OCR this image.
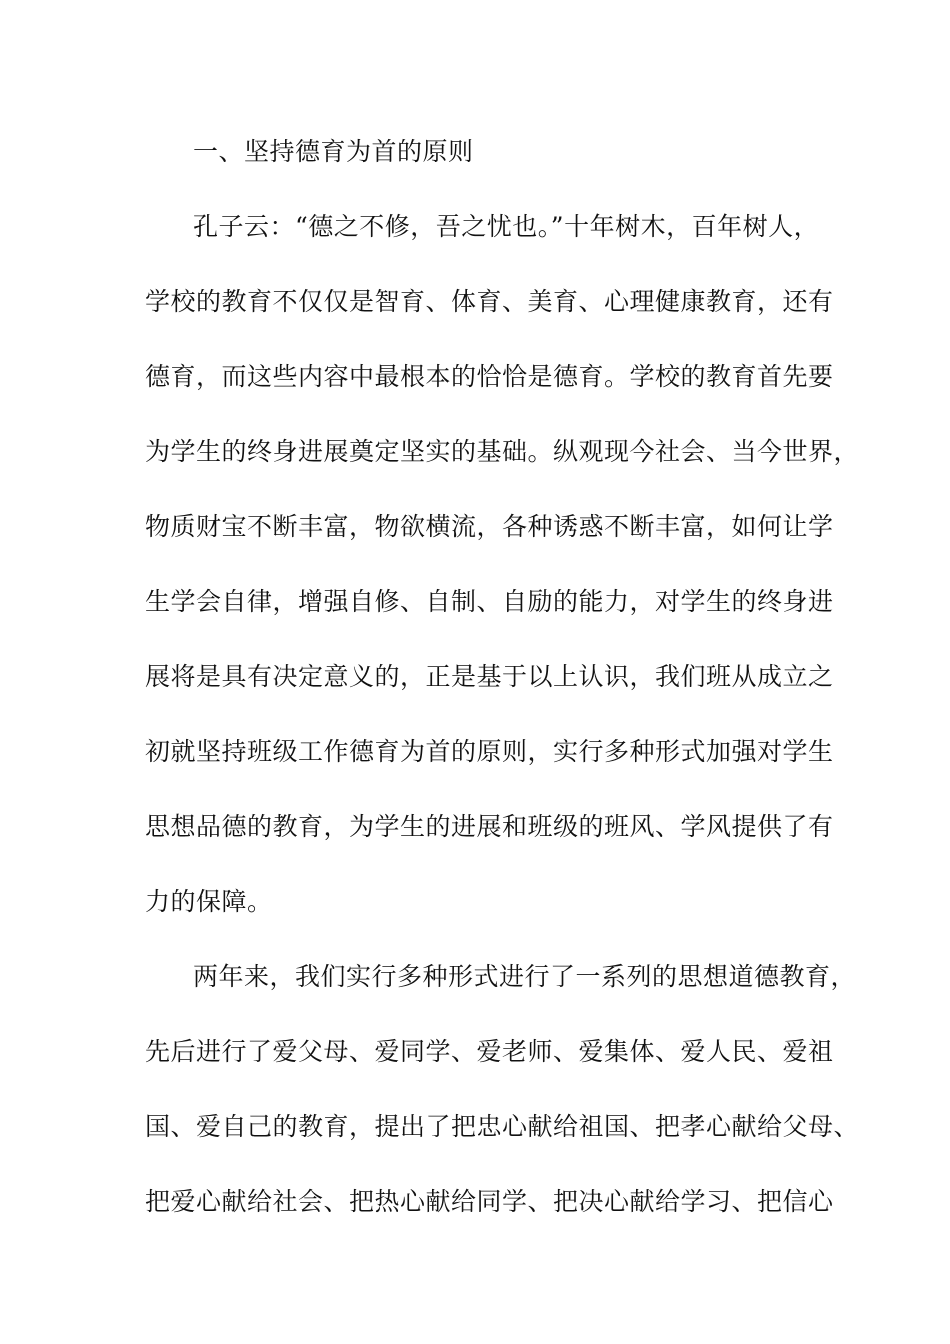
一、坚持德育为首的原则
孔子云：“德之不修，吾之忧也。”十年树木，百年树人，
学校的教育不仅仅是智育、体育、美育、心理健康教育，还有
德育，而这些内容中最根本的恰恰是德育。学校的教育首先要
为学生的终身进展奠定坚实的基础。纵观现今社会、当今世界，
物质财宝不断丰富，物欲横流，各种诱惑不断丰富，如何让学
生学会自律，增强自修、自制、自励的能力，对学生的终身进
展将是具有决定意义的，正是基于以上认识，我们班从成立之
初就坚持班级工作德育为首的原则，实行多种形式加强对学生
思想品德的教育，为学生的进展和班级的班风、学风提供了有
力的保障。
两年来，我们实行多种形式进行了一系列的思想道德教育，
先后进行了爱父母、爱同学、爱老师、爱集体、爱人民、爱祖
国、爱自己的教育，提出了把忠心献给祖国、把孝心献给父母、
把爱心献给社会、把热心献给同学、把决心献给学习、把信心
